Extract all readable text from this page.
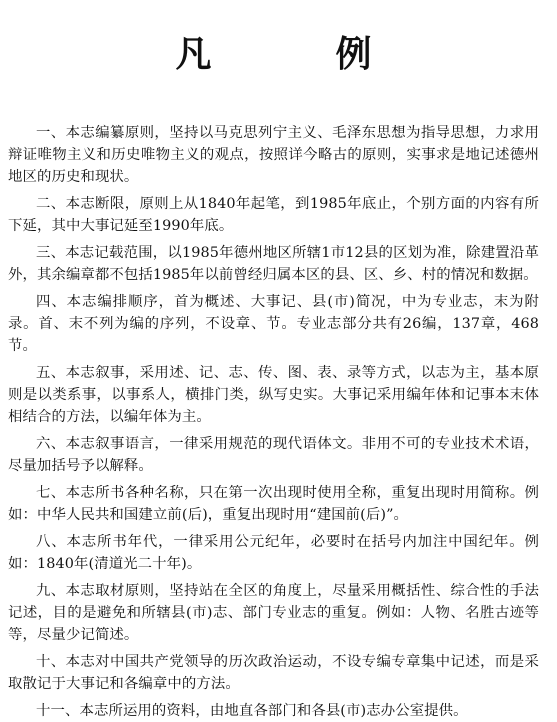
凡　例

一、本志编纂原则，坚持以马克思列宁主义、毛泽东思想为指导思想，力求用辩证唯物主义和历史唯物主义的观点，按照详今略古的原则，实事求是地记述德州地区的历史和现状。

二、本志断限，原则上从1840年起笔，到1985年底止，个别方面的内容有所下延，其中大事记延至1990年底。

三、本志记载范围，以1985年德州地区所辖1市12县的区划为准，除建置沿革外，其余编章都不包括1985年以前曾经归属本区的县、区、乡、村的情况和数据。

四、本志编排顺序，首为概述、大事记、县(市)简况，中为专业志，末为附录。首、末不列为编的序列，不设章、节。专业志部分共有26编，137章，468节。

五、本志叙事，采用述、记、志、传、图、表、录等方式，以志为主，基本原则是以类系事，以事系人，横排门类，纵写史实。大事记采用编年体和记事本末体相结合的方法，以编年体为主。

六、本志叙事语言，一律采用规范的现代语体文。非用不可的专业技术术语，尽量加括号予以解释。

七、本志所书各种名称，只在第一次出现时使用全称，重复出现时用简称。例如：中华人民共和国建立前(后)，重复出现时用“建国前(后)”。

八、本志所书年代，一律采用公元纪年，必要时在括号内加注中国纪年。例如：1840年(清道光二十年)。

九、本志取材原则，坚持站在全区的角度上，尽量采用概括性、综合性的手法记述，目的是避免和所辖县(市)志、部门专业志的重复。例如：人物、名胜古迹等等，尽量少记简述。

十、本志对中国共产党领导的历次政治运动，不设专编专章集中记述，而是采取散记于大事记和各编章中的方法。

十一、本志所运用的资料，由地直各部门和各县(市)志办公室提供。
